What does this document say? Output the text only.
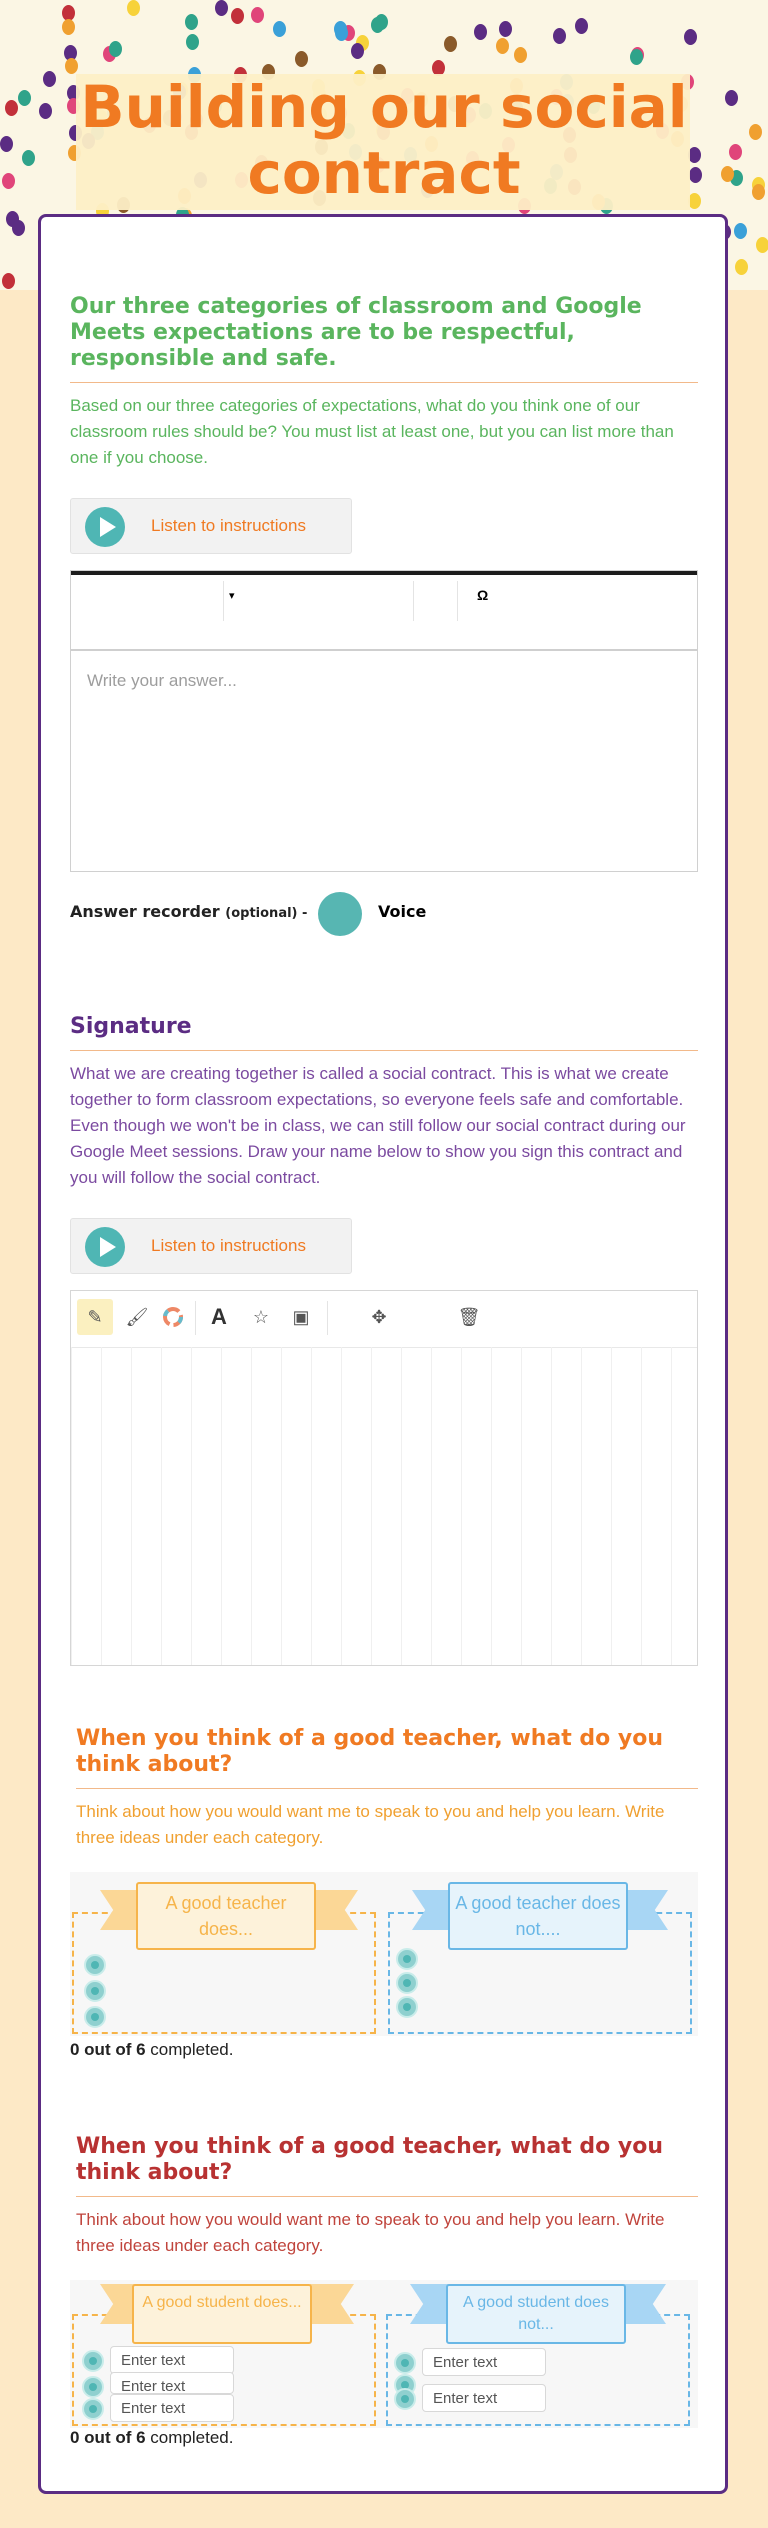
Building our social contract
Our three categories of classroom and Google Meets expectations are to be respectful, responsible and safe.
Based on our three categories of expectations, what do you think one of our classroom rules should be? You must list at least one, but you can list more than one if you choose.
Listen to instructions
▾	Ω
Write your answer...
Answer recorder (optional) -	Voice
Signature
What we are creating together is called a social contract. This is what we create together to form classroom expectations, so everyone feels safe and comfortable. Even though we won't be in class, we can still follow our social contract during our Google Meet sessions. Draw your name below to show you sign this contract and you will follow the social contract.
Listen to instructions
✎	🖌	A	☆	▣	✥	🗑
When you think of a good teacher, what do you think about?
Think about how you would want me to speak to you and help you learn. Write three ideas under each category.
A good teacher does...
A good teacher does not....
0 out of 6 completed.
When you think of a good teacher, what do you think about?
Think about how you would want me to speak to you and help you learn. Write three ideas under each category.
Enter text
Enter text
Enter text
A good student does...
Enter text
Enter text
A good student does not...
0 out of 6 completed.
